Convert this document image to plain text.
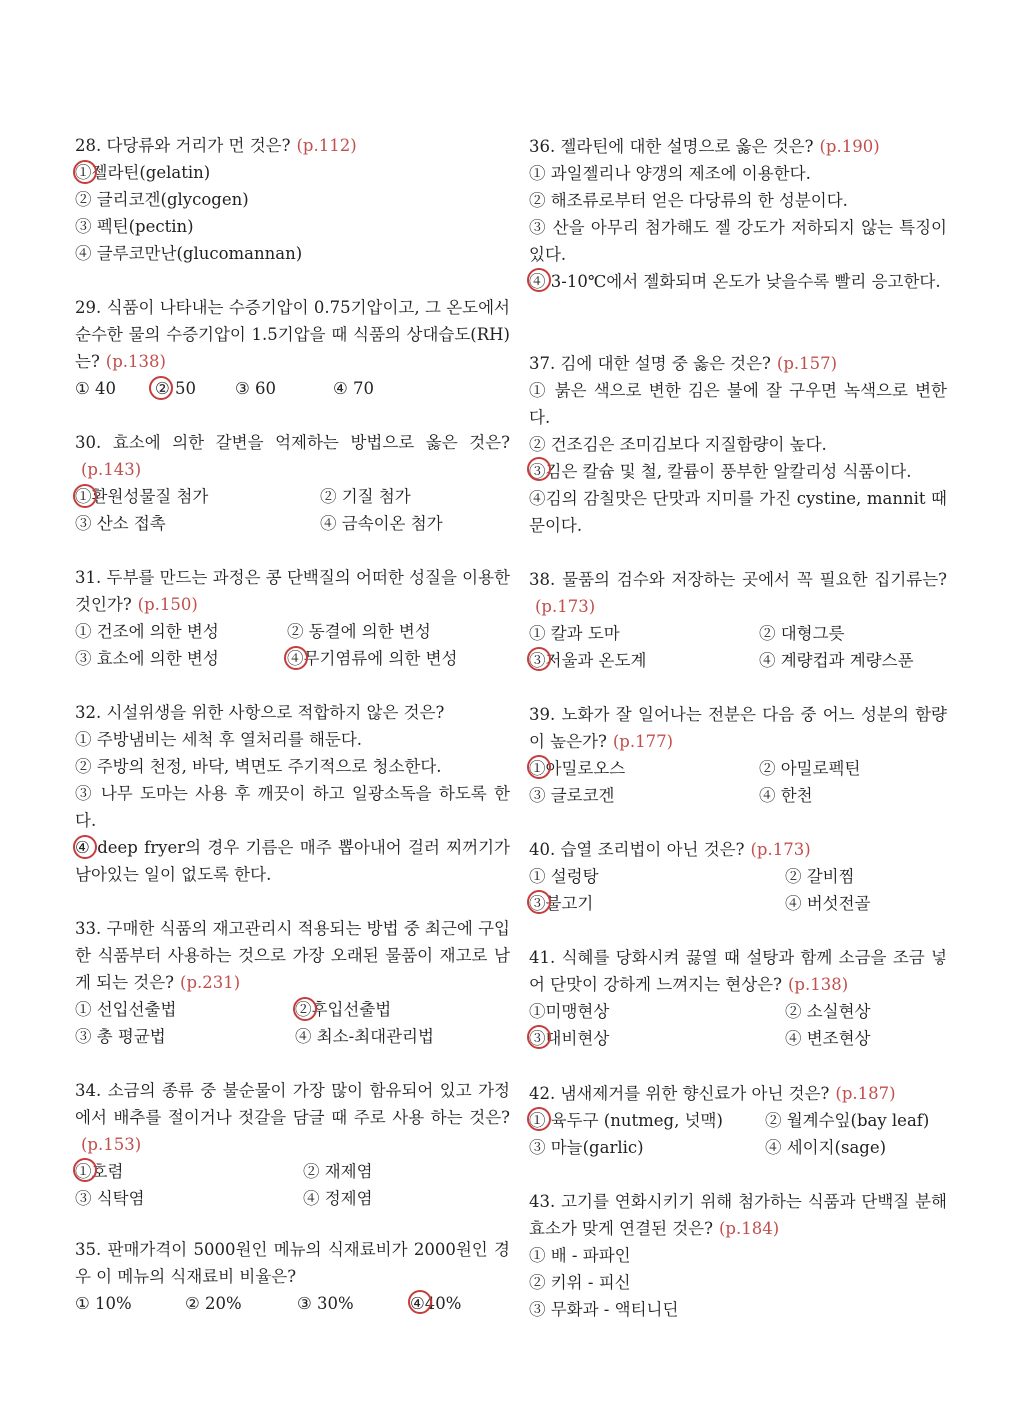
28. 다당류와 거리가 먼 것은? (p.112)
①젤라틴(gelatin)
② 글리코겐(glycogen)
③ 펙틴(pectin)
④ 글루코만난(glucomannan)
29. 식품이 나타내는 수증기압이 0.75기압이고, 그 온도에서 순수한 물의 수증기압이 1.5기압을 때 식품의 상대습도(RH)는? (p.138)
① 40 ② 50 ③ 60	④ 70
30. 효소에 의한 갈변을 억제하는 방법으로 옳은 것은?(p.143)
①환원성물질 첨가	② 기질 첨가
③ 산소 접촉	④ 금속이온 첨가
31. 두부를 만드는 과정은 콩 단백질의 어떠한 성질을 이용한 것인가? (p.150)
① 건조에 의한 변성	② 동결에 의한 변성
③ 효소에 의한 변성	④무기염류에 의한 변성
32. 시설위생을 위한 사항으로 적합하지 않은 것은?
① 주방냄비는 세척 후 열처리를 해둔다.
② 주방의 천정, 바닥, 벽면도 주기적으로 청소한다.
③ 나무 도마는 사용 후 깨끗이 하고 일광소독을 하도록 한다.
④ deep fryer의 경우 기름은 매주 뽑아내어 걸러 찌꺼기가 남아있는 일이 없도록 한다.
33. 구매한 식품의 재고관리시 적용되는 방법 중 최근에 구입한 식품부터 사용하는 것으로 가장 오래된 물품이 재고로 남게 되는 것은? (p.231)
① 선입선출법	②후입선출법
③ 총 평균법	④ 최소-최대관리법
34. 소금의 종류 중 불순물이 가장 많이 함유되어 있고 가정에서 배추를 절이거나 젓갈을 담글 때 주로 사용 하는 것은?(p.153)
①호렴	② 재제염
③ 식탁염	④ 정제염
35. 판매가격이 5000원인 메뉴의 식재료비가 2000원인 경우 이 메뉴의 식재료비 비율은?
① 10%	② 20%	③ 30%	④40%
36. 젤라틴에 대한 설명으로 옳은 것은? (p.190)
① 과일젤리나 양갱의 제조에 이용한다.
② 해조류로부터 얻은 다당류의 한 성분이다.
③ 산을 아무리 첨가해도 젤 강도가 저하되지 않는 특징이 있다.
④ 3-10℃에서 젤화되며 온도가 낮을수록 빨리 응고한다.
37. 김에 대한 설명 중 옳은 것은? (p.157)
① 붉은 색으로 변한 김은 불에 잘 구우면 녹색으로 변한다.
② 건조김은 조미김보다 지질함량이 높다.
③김은 칼슘 및 철, 칼륨이 풍부한 알칼리성 식품이다.
④김의 감칠맛은 단맛과 지미를 가진 cystine, mannit 때문이다.
38. 물품의 검수와 저장하는 곳에서 꼭 필요한 집기류는?(p.173)
① 칼과 도마	② 대형그릇
③저울과 온도계	④ 계량컵과 계량스푼
39. 노화가 잘 일어나는 전분은 다음 중 어느 성분의 함량이 높은가? (p.177)
①아밀로오스	② 아밀로펙틴
③ 글로코겐	④ 한천
40. 습열 조리법이 아닌 것은? (p.173)
① 설렁탕	② 갈비찜
③불고기	④ 버섯전골
41. 식혜를 당화시켜 끓열 때 설탕과 함께 소금을 조금 넣어 단맛이 강하게 느껴지는 현상은? (p.138)
①미맹현상	② 소실현상
③대비현상	④ 변조현상
42. 냄새제거를 위한 향신료가 아닌 것은? (p.187)
① 육두구 (nutmeg, 넛맥)	② 월계수잎(bay leaf)
③ 마늘(garlic)	④ 세이지(sage)
43. 고기를 연화시키기 위해 첨가하는 식품과 단백질 분해효소가 맞게 연결된 것은? (p.184)
① 배 - 파파인
② 키위 - 피신
③ 무화과 - 액티니딘
